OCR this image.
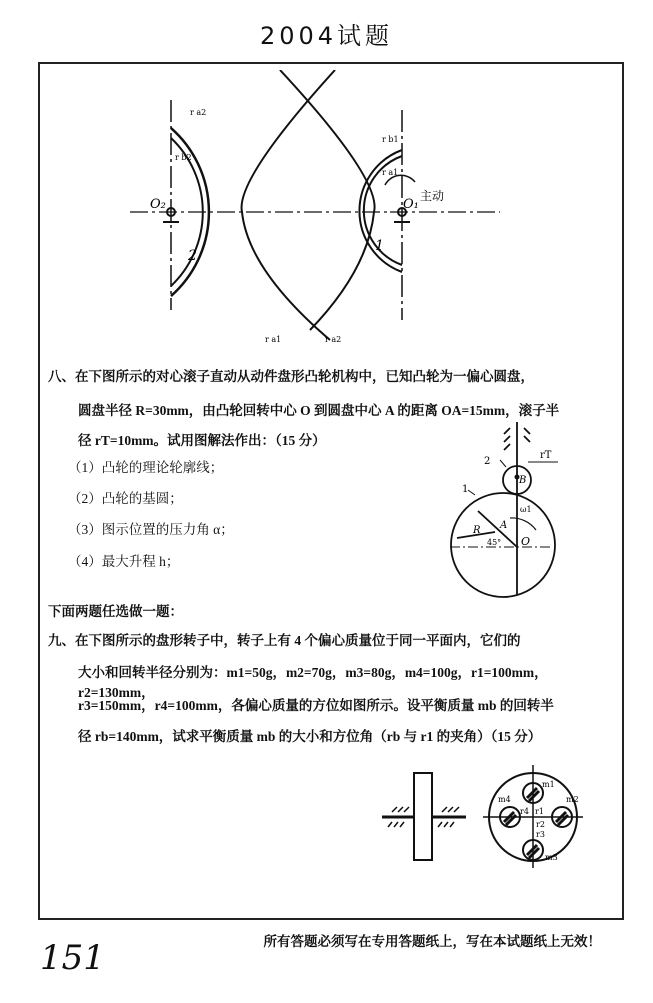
2004试题
O₂	O₁
2
1
r a2
r b2
r b1
r a1
主动
r a1	r a2
八、在下图所示的对心滚子直动从动件盘形凸轮机构中，已知凸轮为一偏心圆盘，
圆盘半径 R=30mm，由凸轮回转中心 O 到圆盘中心 A 的距离 OA=15mm，滚子半
径 rT=10mm。试用图解法作出：（15 分）
（1）凸轮的理论轮廓线；
（2）凸轮的基圆；
（3）图示位置的压力角 α；
（4）最大升程 h；
2
1
rT
B
A
O
R
45°
ω1
下面两题任选做一题：
九、在下图所示的盘形转子中，转子上有 4 个偏心质量位于同一平面内，它们的
大小和回转半径分别为：m1=50g，m2=70g，m3=80g，m4=100g，r1=100mm，r2=130mm，
r3=150mm，r4=100mm，各偏心质量的方位如图所示。设平衡质量 mb 的回转半
径 rb=140mm，试求平衡质量 mb 的大小和方位角（rb 与 r1 的夹角）（15 分）
m1
m2
m3
m4
r1
r2
r3
r4
所有答题必须写在专用答题纸上，写在本试题纸上无效！
151
